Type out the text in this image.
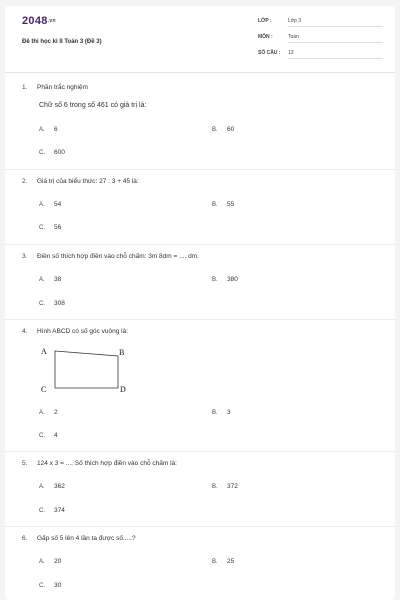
2048.vn
Đề thi học kì II Toán 3 (Đề 3)
LỚP :	Lớp 3
MÔN :	Toán
SỐ CÂU : 13
1. Phần trắc nghiệm
Chữ số 6 trong số 461 có giá trị là:
A. 6	B. 60
C. 600
2. Giá trị của biểu thức: 27 : 3 + 45 là:
A. 54	B. 55
C. 56
3. Điền số thích hợp điền vào chỗ chấm: 3m 8dm = .... dm.
A. 38	B. 380
C. 308
4. Hình ABCD có số góc vuông là:
A	B
C	D
A. 2	B. 3
C. 4
5. 124 x 3 = .... Số thích hợp điền vào chỗ chấm là:
A. 362	B. 372
C. 374
6. Gấp số 5 lên 4 lần ta được số.....?
A. 20	B. 25
C. 30
